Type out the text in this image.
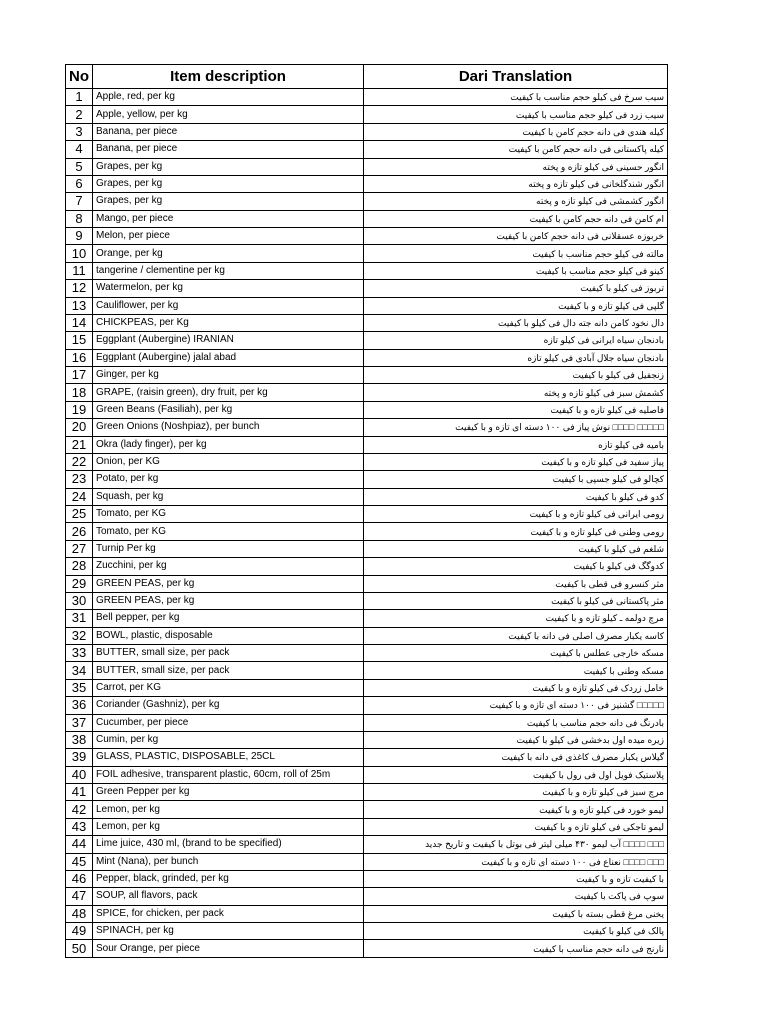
No	Item description	Dari Translation
1	Apple, red, per kg	سیب سرخ فی کیلو حجم مناسب با کیفیت
2	Apple, yellow, per kg	سیب زرد فی کیلو حجم مناسب با کیفیت
3	Banana, per piece	کیله هندی فی دانه حجم کامن با کیفیت
4	Banana, per piece	کیله پاکستانی فی دانه حجم کامن با کیفیت
5	Grapes, per kg	انگور حسینی فی کیلو تازه و پخته
6	Grapes, per kg	انگور شندگلخانی فی کیلو تازه و پخته
7	Grapes, per kg	انگور کشمشی فی کیلو تازه و پخته
8	Mango, per piece	ام کامن فی دانه حجم کامن با کیفیت
9	Melon, per piece	خربوزه عسقلانی فی دانه حجم کامن با کیفیت
10	Orange, per kg	مالته فی کیلو حجم مناسب با کیفیت
11	tangerine / clementine per kg	کینو فی کیلو حجم مناسب با کیفیت
12	Watermelon, per kg	تربوز فی کیلو با کیفیت
13	Cauliflower, per kg	گلپی فی کیلو تازه و با کیفیت
14	CHICKPEAS, per Kg	دال نخود کامن دانه جته دال فی کیلو با کیفیت
15	Eggplant (Aubergine) IRANIAN	بادنجان سیاه ایرانی فی کیلو تازه
16	Eggplant (Aubergine) jalal abad	بادنجان سیاه جلال آبادی فی کیلو تازه
17	Ginger, per kg	زنجفیل فی کیلو با کیفیت
18	GRAPE, (raisin green), dry fruit, per kg	کشمش سبز فی کیلو تازه و پخته
19	Green Beans (Fasiliah), per kg	فاصلیه فی کیلو تازه و با کیفیت
20	Green Onions (Noshpiaz), per bunch	□□□□□ □□□□ نوش پیاز فی ۱۰۰ دسته ای تازه و با کیفیت
21	Okra (lady finger), per kg	بامیه فی کیلو تازه
22	Onion, per KG	پیاز سفید فی کیلو تازه و با کیفیت
23	Potato, per kg	کچالو فی کیلو جسپی با کیفیت
24	Squash, per kg	کدو فی کیلو با کیفیت
25	Tomato, per KG	رومی ایرانی فی کیلو تازه و با کیفیت
26	Tomato, per KG	رومی وطنی فی کیلو تازه و با کیفیت
27	Turnip Per kg	شلغم فی کیلو با کیفیت
28	Zucchini, per kg	کدوگگ فی کیلو با کیفیت
29	GREEN PEAS, per kg	مثر کنسرو فی قطی با کیفیت
30	GREEN PEAS, per kg	مثر پاکستانی فی کیلو با کیفیت
31	Bell pepper, per kg	مرچ دولمه ـ کیلو تازه و با کیفیت
32	BOWL, plastic, disposable	کاسه یکبار مصرف اصلی فی دانه با کیفیت
33	BUTTER, small size, per pack	مسکه خارجی عطلس با کیفیت
34	BUTTER, small size, per pack	مسکه وطنی با کیفیت
35	Carrot, per KG	خامل زردک فی کیلو تازه و با کیفیت
36	Coriander (Gashniz), per kg	□□□□□ گشنیز فی ۱۰۰ دسته ای تازه و با کیفیت
37	Cucumber, per piece	بادرنگ فی دانه حجم مناسب با کیفیت
38	Cumin, per kg	زیره میده اول بدخشی فی کیلو با کیفیت
39	GLASS, PLASTIC, DISPOSABLE, 25CL	گیلاس یکبار مصرف کاغذی فی دانه با کیفیت
40	FOIL adhesive, transparent plastic, 60cm, roll of 25m	پلاستیک فویل اول فی رول با کیفیت
41	Green Pepper per kg	مرچ سبز فی کیلو تازه و با کیفیت
42	Lemon, per kg	لیمو خورد فی کیلو تازه و با کیفیت
43	Lemon, per kg	لیمو تاجکی فی کیلو تازه و با کیفیت
44	Lime juice, 430 ml, (brand to be specified)	□□□ □□□□ آب لیمو ۴۳۰ میلی لیتر فی بوتل با کیفیت و تاریخ جدید
45	Mint (Nana), per bunch	□□□ □□□□ نعناع فی ۱۰۰ دسته ای تازه و با کیفیت
46	Pepper, black, grinded, per kg	با کیفیت تازه و با کیفیت
47	SOUP, all flavors, pack	سوپ فی پاکت با کیفیت
48	SPICE, for chicken, per pack	یخنی مرغ قطی بسته با کیفیت
49	SPINACH, per kg	پالک فی کیلو با کیفیت
50	Sour Orange, per piece	نارنج فی دانه حجم مناسب با کیفیت
